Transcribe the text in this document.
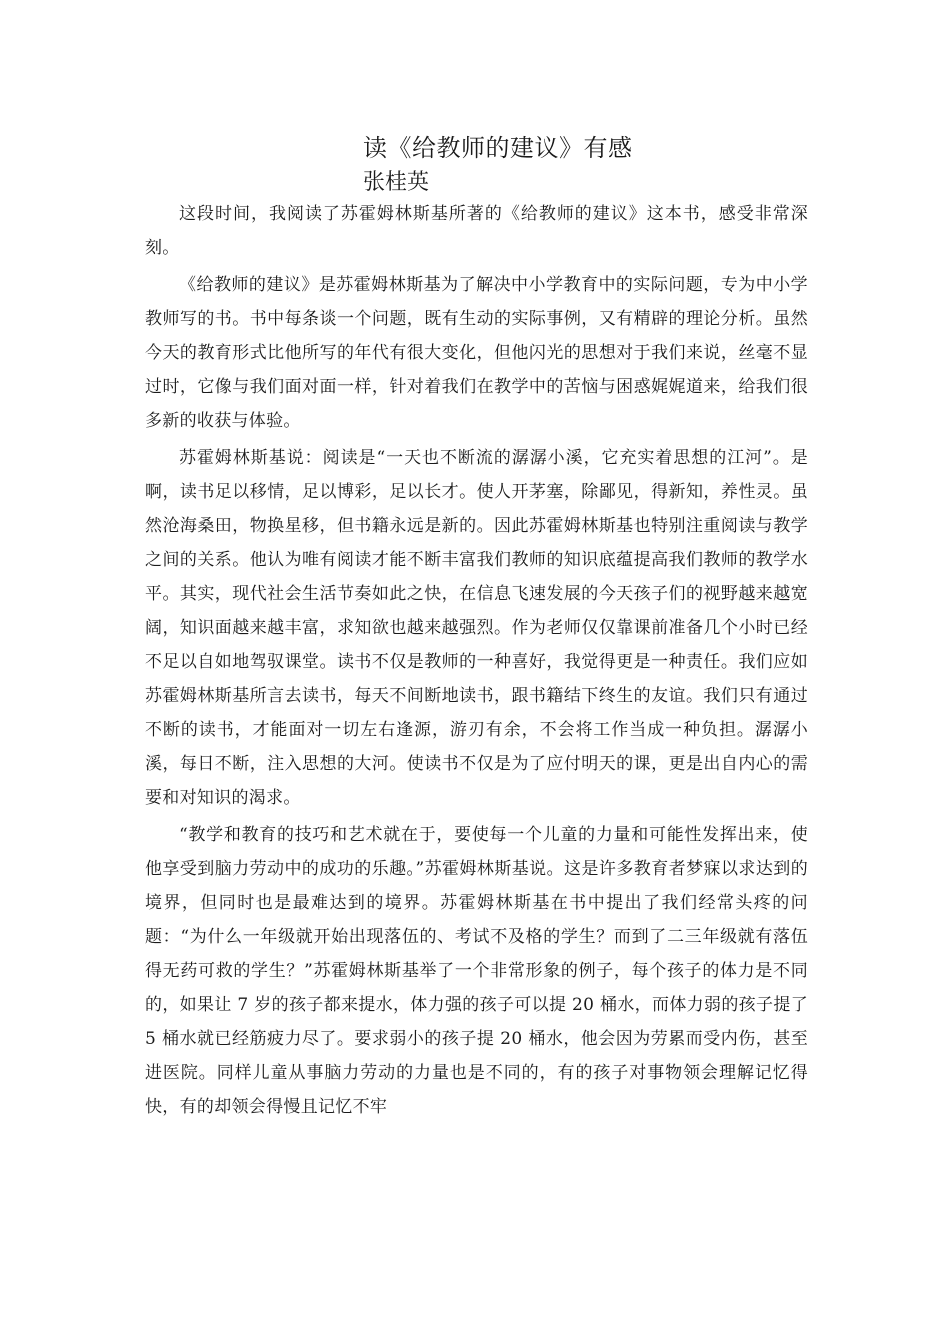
读《给教师的建议》有感
张桂英

这段时间，我阅读了苏霍姆林斯基所著的《给教师的建议》这本书，感受非常深刻。

《给教师的建议》是苏霍姆林斯基为了解决中小学教育中的实际问题，专为中小学教师写的书。书中每条谈一个问题，既有生动的实际事例，又有精辟的理论分析。虽然今天的教育形式比他所写的年代有很大变化，但他闪光的思想对于我们来说，丝毫不显过时，它像与我们面对面一样，针对着我们在教学中的苦恼与困惑娓娓道来，给我们很多新的收获与体验。

苏霍姆林斯基说：阅读是“一天也不断流的潺潺小溪，它充实着思想的江河”。是啊，读书足以移情，足以博彩，足以长才。使人开茅塞，除鄙见，得新知，养性灵。虽然沧海桑田，物换星移，但书籍永远是新的。因此苏霍姆林斯基也特别注重阅读与教学之间的关系。他认为唯有阅读才能不断丰富我们教师的知识底蕴提高我们教师的教学水平。其实，现代社会生活节奏如此之快，在信息飞速发展的今天孩子们的视野越来越宽阔，知识面越来越丰富，求知欲也越来越强烈。作为老师仅仅靠课前准备几个小时已经不足以自如地驾驭课堂。读书不仅是教师的一种喜好，我觉得更是一种责任。我们应如苏霍姆林斯基所言去读书，每天不间断地读书，跟书籍结下终生的友谊。我们只有通过不断的读书，才能面对一切左右逢源，游刃有余，不会将工作当成一种负担。潺潺小溪，每日不断，注入思想的大河。使读书不仅是为了应付明天的课，更是出自内心的需要和对知识的渴求。

“教学和教育的技巧和艺术就在于，要使每一个儿童的力量和可能性发挥出来，使他享受到脑力劳动中的成功的乐趣。”苏霍姆林斯基说。这是许多教育者梦寐以求达到的境界，但同时也是最难达到的境界。苏霍姆林斯基在书中提出了我们经常头疼的问题：“为什么一年级就开始出现落伍的、考试不及格的学生？而到了二三年级就有落伍得无药可救的学生？”苏霍姆林斯基举了一个非常形象的例子，每个孩子的体力是不同的，如果让 7 岁的孩子都来提水，体力强的孩子可以提 20 桶水，而体力弱的孩子提了 5 桶水就已经筋疲力尽了。要求弱小的孩子提 20 桶水，他会因为劳累而受内伤，甚至进医院。同样儿童从事脑力劳动的力量也是不同的，有的孩子对事物领会理解记忆得快，有的却领会得慢且记忆不牢
